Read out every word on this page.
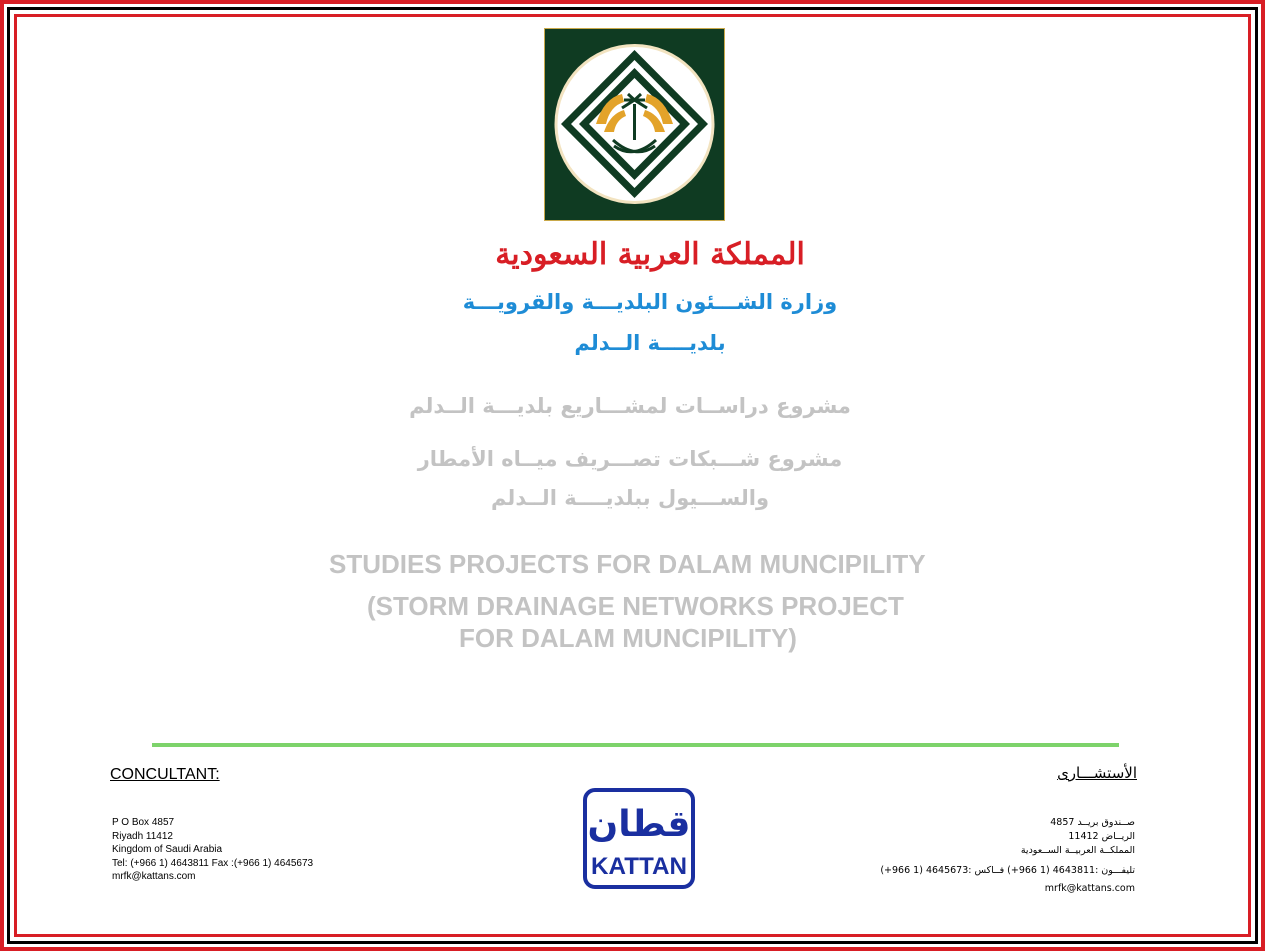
المملكة العربية السعودية
وزارة الشـــئون البلديـــة والقرويـــة
بلديــــة الــدلم
مشروع دراســات لمشـــاريع بلديـــة الــدلم
مشروع شـــبكات تصـــريف ميــاه الأمطار
والســـيول ببلديــــة الــدلم
STUDIES PROJECTS FOR DALAM MUNCIPILITY
(STORM DRAINAGE NETWORKS PROJECT
FOR DALAM MUNCIPILITY)
CONCULTANT:	الأستشـــارى
P O Box 4857
Riyadh 11412
Kingdom of Saudi Arabia
Tel: (+966 1) 4643811 Fax :(+966 1) 4645673
mrfk@kattans.com
صــندوق بريــد 4857
الريــاض 11412
المملكــة العربيــة الســعودية
تليفـــون :4643811 (1 966+) فــاكس :4645673 (1 966+)
mrfk@kattans.com
قطان
KATTAN
